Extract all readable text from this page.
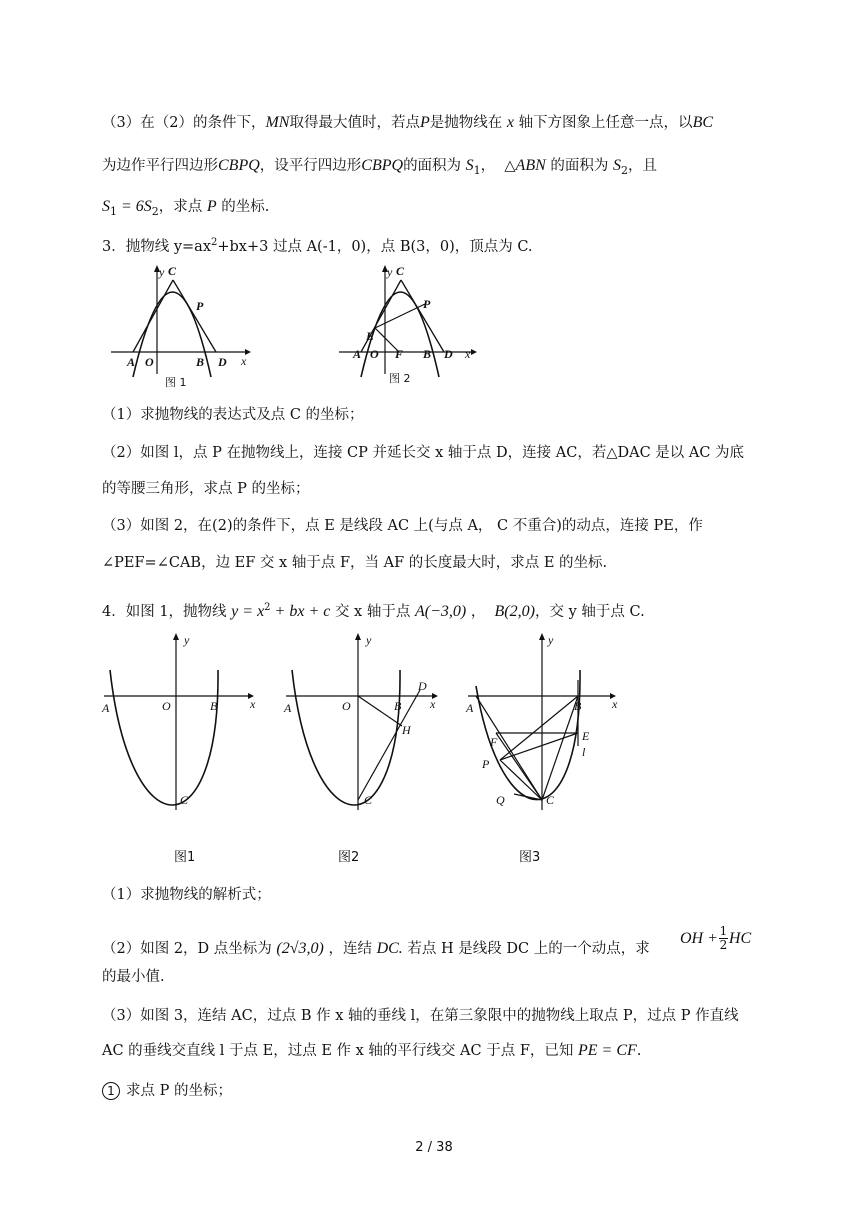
（3）在（2）的条件下，MN取得最大值时，若点P是抛物线在 x 轴下方图象上任意一点，以BC
为边作平行四边形CBPQ，设平行四边形CBPQ的面积为 $S_1$， △ABN 的面积为 $S_2$，且
$S_1 = 6S_2$，求点 P 的坐标.
3．抛物线 $y=ax^2+bx+3$ 过点 A(-1，0)，点 B(3，0)，顶点为 C.
y C
P
A O	B D x
图 1
y C
P
E
A O F B D x
图 2
（1）求抛物线的表达式及点 C 的坐标；
（2）如图 l，点 P 在抛物线上，连接 CP 并延长交 x 轴于点 D，连接 AC，若△DAC 是以 AC 为底
的等腰三角形，求点 P 的坐标；
（3）如图 2，在(2)的条件下，点 E 是线段 AC 上(与点 A， C 不重合)的动点，连接 PE，作
∠PEF=∠CAB，边 EF 交 x 轴于点 F，当 AF 的长度最大时，求点 E 的坐标.
4．如图 1，抛物线 $y = x^2$ + bx + c 交 x 轴于点 A(−3,0) ， B(2,0)，交 y 轴于点 C.
y
x
A	O	B
C
图1
y
x
A	O	B
D
H
C
图2
y
x
A	B
E
l
F
P
Q	C
图3
（1）求抛物线的解析式；
（2）如图 2，D 点坐标为 (2√3,0) ，连结 DC. 若点 H 是线段 DC 上的一个动点，求
OH + $\frac{1}{2}$ HC
的最小值.
（3）如图 3，连结 AC，过点 B 作 x 轴的垂线 l，在第三象限中的抛物线上取点 P，过点 P 作直线
AC 的垂线交直线 l 于点 E，过点 E 作 x 轴的平行线交 AC 于点 F，已知 PE = CF.
1 求点 P 的坐标；
2 / 38
